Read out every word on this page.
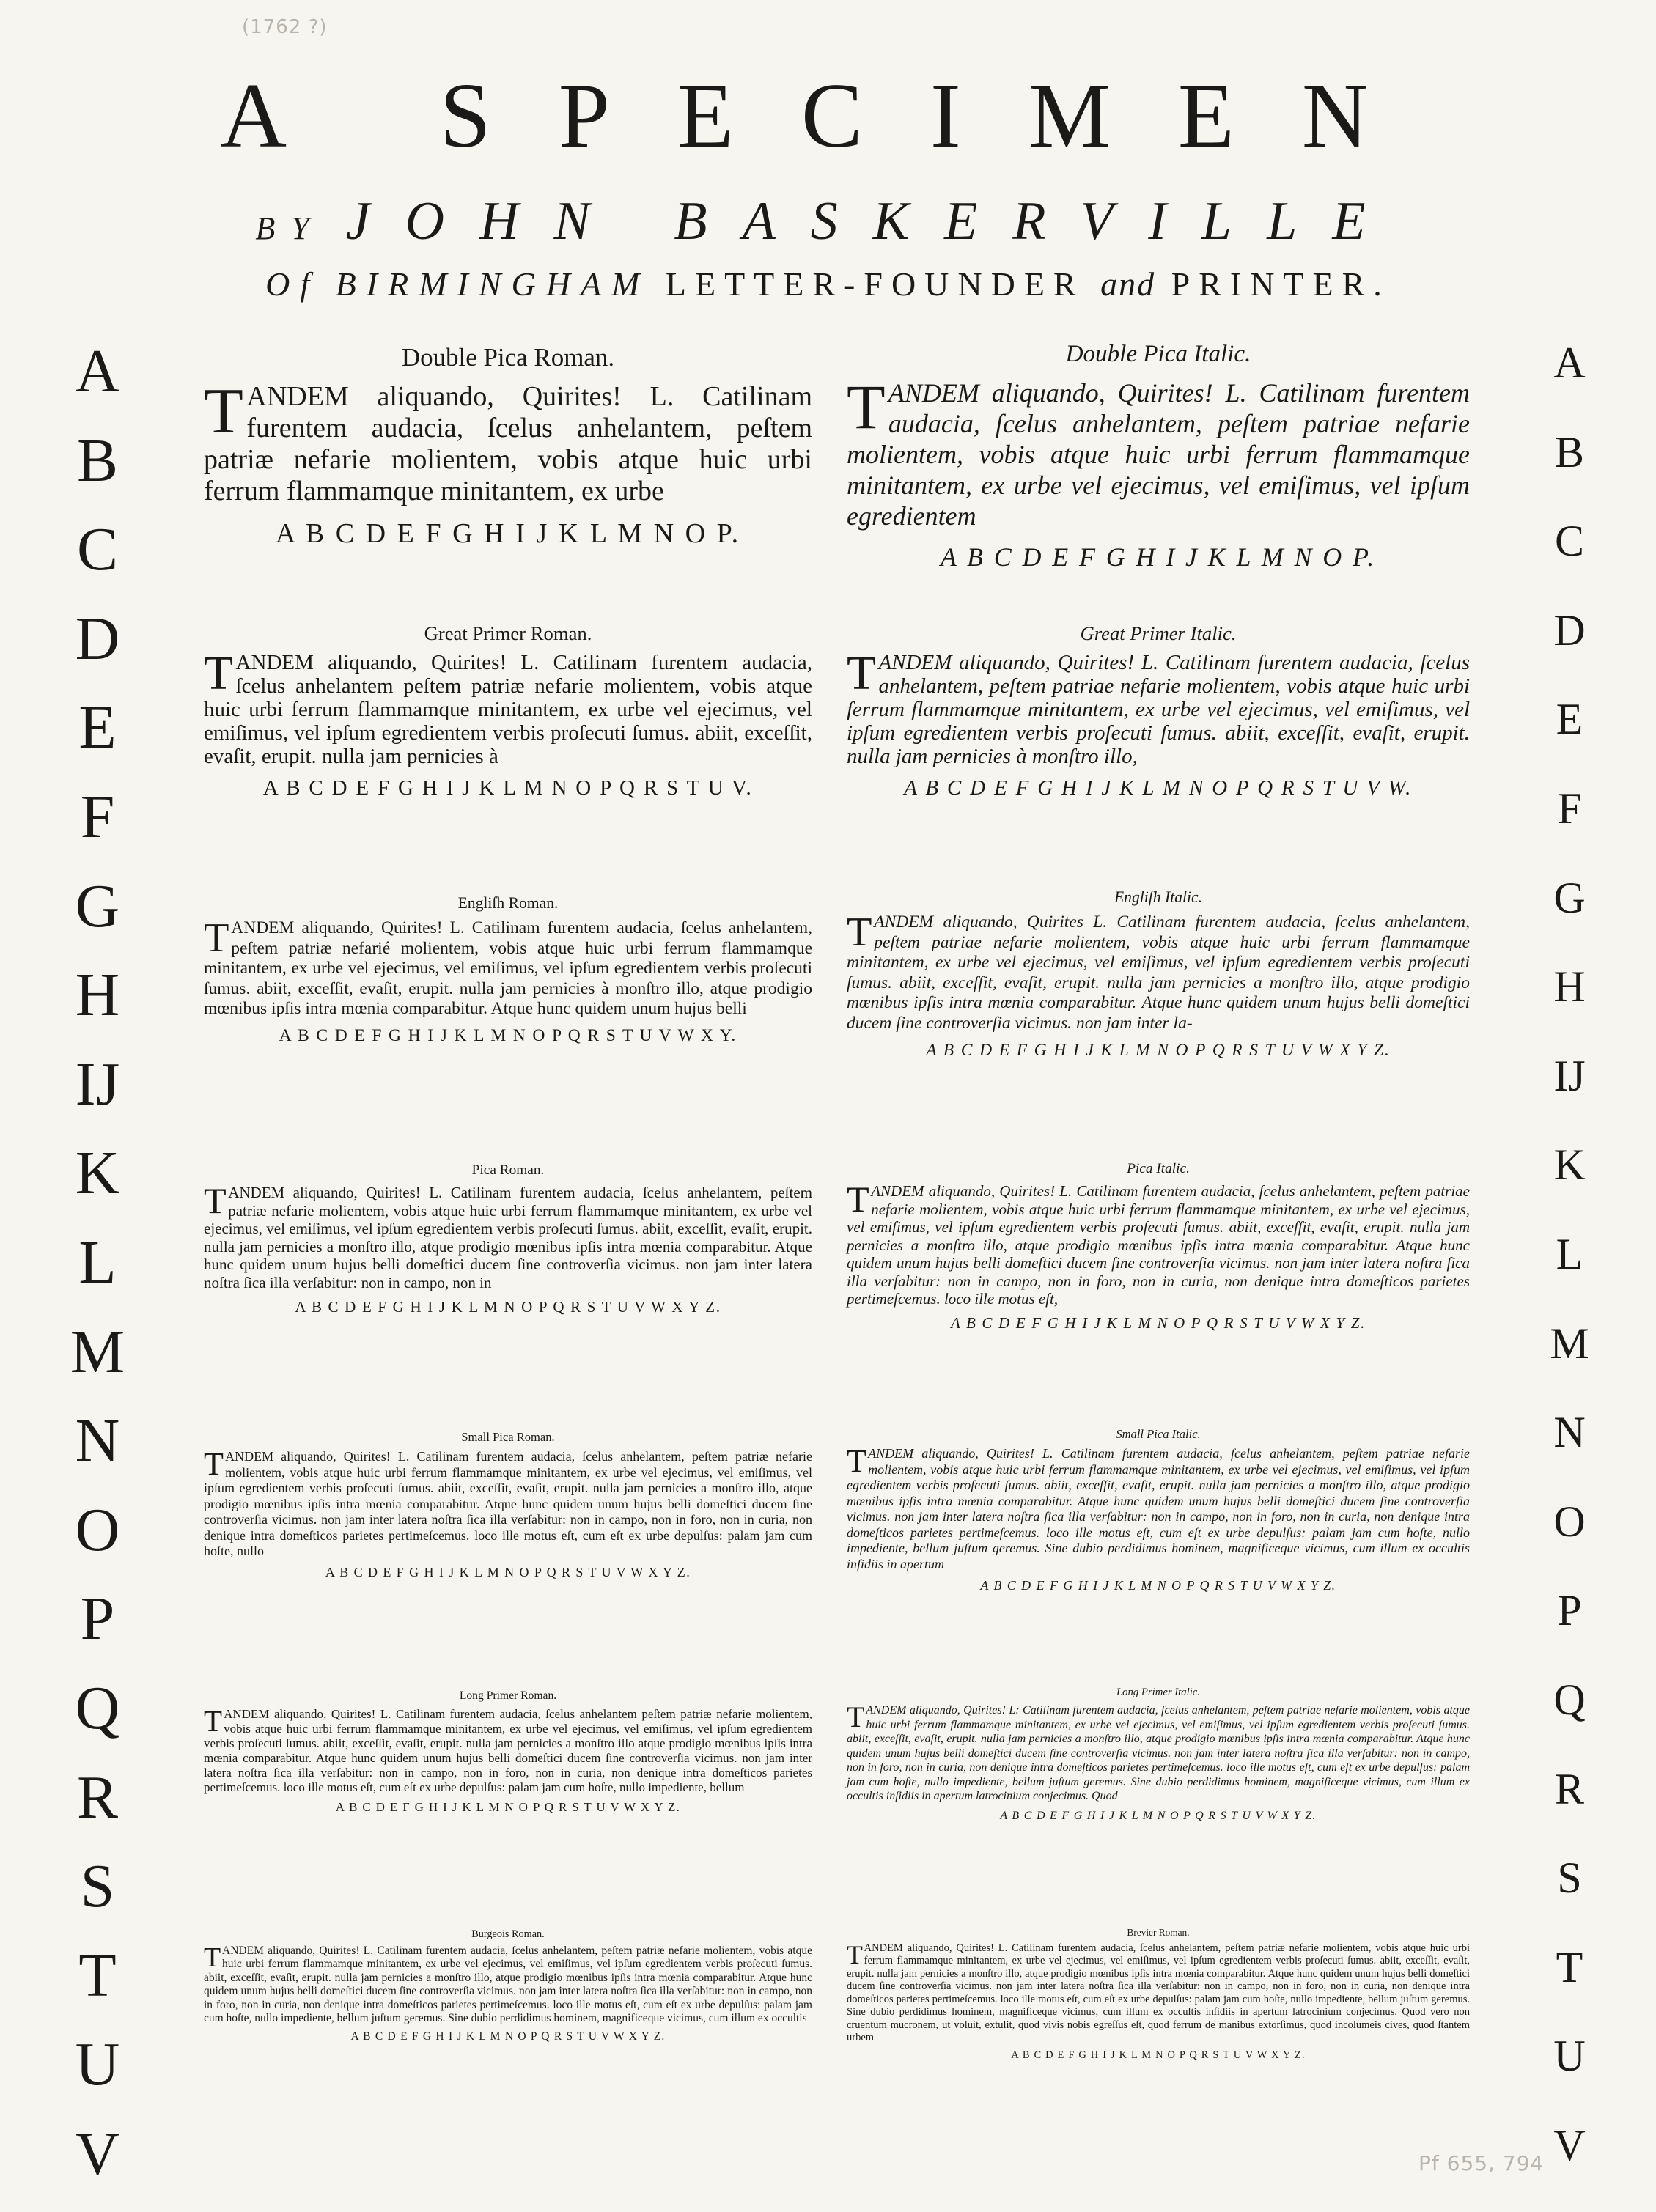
(1762 ?)
A SPECIMEN
BY JOHN BASKERVILLE
Of BIRMINGHAM LETTER-FOUNDER and PRINTER.
A
B
C
D
E
F
G
H
IJ
K
L
M
N
O
P
Q
R
S
T
U
V
A
B
C
D
E
F
G
H
IJ
K
L
M
N
O
P
Q
R
S
T
U
V
Double Pica Roman.
TANDEM aliquando, Quirites! L. Catilinam furentem audacia, ſcelus anhelantem, peſtem patriæ nefarie molientem, vobis atque huic urbi ferrum flammamque minitantem, ex urbe
A B C D E F G H I J K L M N O P.
Double Pica Italic.
TANDEM aliquando, Quirites! L. Catilinam furentem audacia, ſcelus anhelantem, peſtem patriae nefarie molientem, vobis atque huic urbi ferrum flammamque minitantem, ex urbe vel ejecimus, vel emiſimus, vel ipſum egredientem
A B C D E F G H I J K L M N O P.
Great Primer Roman.
TANDEM aliquando, Quirites! L. Catilinam furentem audacia, ſcelus anhelantem peſtem patriæ nefarie molientem, vobis atque huic urbi ferrum flammamque minitantem, ex urbe vel ejecimus, vel emiſimus, vel ipſum egredientem verbis proſecuti ſumus. abiit, exceſſit, evaſit, erupit. nulla jam pernicies à
A B C D E F G H I J K L M N O P Q R S T U V.
Great Primer Italic.
TANDEM aliquando, Quirites! L. Catilinam furentem audacia, ſcelus anhelantem, peſtem patriae nefarie molientem, vobis atque huic urbi ferrum flammamque minitantem, ex urbe vel ejecimus, vel emiſimus, vel ipſum egredientem verbis proſecuti ſumus. abiit, exceſſit, evaſit, erupit. nulla jam pernicies à monſtro illo,
A B C D E F G H I J K L M N O P Q R S T U V W.
Engliſh Roman.
TANDEM aliquando, Quirites! L. Catilinam furentem audacia, ſcelus anhelantem, peſtem patriæ nefarié molientem, vobis atque huic urbi ferrum flammamque minitantem, ex urbe vel ejecimus, vel emiſimus, vel ipſum egredientem verbis proſecuti ſumus. abiit, exceſſit, evaſit, erupit. nulla jam pernicies à monſtro illo, atque prodigio mœnibus ipſis intra mœnia comparabitur. Atque hunc quidem unum hujus belli
A B C D E F G H I J K L M N O P Q R S T U V W X Y.
Engliſh Italic.
TANDEM aliquando, Quirites L. Catilinam furentem audacia, ſcelus anhelantem, peſtem patriae nefarie molientem, vobis atque huic urbi ferrum flammamque minitantem, ex urbe vel ejecimus, vel emiſimus, vel ipſum egredientem verbis proſecuti ſumus. abiit, exceſſit, evaſit, erupit. nulla jam pernicies a monſtro illo, atque prodigio mœnibus ipſis intra mœnia comparabitur. Atque hunc quidem unum hujus belli domeſtici ducem ſine controverſia vicimus. non jam inter la-
A B C D E F G H I J K L M N O P Q R S T U V W X Y Z.
Pica Roman.
TANDEM aliquando, Quirites! L. Catilinam furentem audacia, ſcelus anhelantem, peſtem patriæ nefarie molientem, vobis atque huic urbi ferrum flammamque minitantem, ex urbe vel ejecimus, vel emiſimus, vel ipſum egredientem verbis proſecuti ſumus. abiit, exceſſit, evaſit, erupit. nulla jam pernicies a monſtro illo, atque prodigio mœnibus ipſis intra mœnia comparabitur. Atque hunc quidem unum hujus belli domeſtici ducem ſine controverſia vicimus. non jam inter latera noſtra ſica illa verſabitur: non in campo, non in
A B C D E F G H I J K L M N O P Q R S T U V W X Y Z.
Pica Italic.
TANDEM aliquando, Quirites! L. Catilinam furentem audacia, ſcelus anhelantem, peſtem patriae nefarie molientem, vobis atque huic urbi ferrum flammamque minitantem, ex urbe vel ejecimus, vel emiſimus, vel ipſum egredientem verbis proſecuti ſumus. abiit, exceſſit, evaſit, erupit. nulla jam pernicies a monſtro illo, atque prodigio mœnibus ipſis intra mœnia comparabitur. Atque hunc quidem unum hujus belli domeſtici ducem ſine controverſia vicimus. non jam inter latera noſtra ſica illa verſabitur: non in campo, non in foro, non in curia, non denique intra domeſticos parietes pertimeſcemus. loco ille motus eſt,
A B C D E F G H I J K L M N O P Q R S T U V W X Y Z.
Small Pica Roman.
TANDEM aliquando, Quirites! L. Catilinam furentem audacia, ſcelus anhelantem, peſtem patriæ nefarie molientem, vobis atque huic urbi ferrum flammamque minitantem, ex urbe vel ejecimus, vel emiſimus, vel ipſum egredientem verbis proſecuti ſumus. abiit, exceſſit, evaſit, erupit. nulla jam pernicies a monſtro illo, atque prodigio mœnibus ipſis intra mœnia comparabitur. Atque hunc quidem unum hujus belli domeſtici ducem ſine controverſia vicimus. non jam inter latera noſtra ſica illa verſabitur: non in campo, non in foro, non in curia, non denique intra domeſticos parietes pertimeſcemus. loco ille motus eſt, cum eſt ex urbe depulſus: palam jam cum hoſte, nullo
A B C D E F G H I J K L M N O P Q R S T U V W X Y Z.
Small Pica Italic.
TANDEM aliquando, Quirites! L. Catilinam furentem audacia, ſcelus anhelantem, peſtem patriae nefarie molientem, vobis atque huic urbi ferrum flammamque minitantem, ex urbe vel ejecimus, vel emiſimus, vel ipſum egredientem verbis proſecuti ſumus. abiit, exceſſit, evaſit, erupit. nulla jam pernicies a monſtro illo, atque prodigio mœnibus ipſis intra mœnia comparabitur. Atque hunc quidem unum hujus belli domeſtici ducem ſine controverſia vicimus. non jam inter latera noſtra ſica illa verſabitur: non in campo, non in foro, non in curia, non denique intra domeſticos parietes pertimeſcemus. loco ille motus eſt, cum eſt ex urbe depulſus: palam jam cum hoſte, nullo impediente, bellum juſtum geremus. Sine dubio perdidimus hominem, magnificeque vicimus, cum illum ex occultis inſidiis in apertum
A B C D E F G H I J K L M N O P Q R S T U V W X Y Z.
Long Primer Roman.
TANDEM aliquando, Quirites! L. Catilinam furentem audacia, ſcelus anhelantem peſtem patriæ nefarie molientem, vobis atque huic urbi ferrum flammamque minitantem, ex urbe vel ejecimus, vel emiſimus, vel ipſum egredientem verbis proſecuti ſumus. abiit, exceſſit, evaſit, erupit. nulla jam pernicies a monſtro illo atque prodigio mœnibus ipſis intra mœnia comparabitur. Atque hunc quidem unum hujus belli domeſtici ducem ſine controverſia vicimus. non jam inter latera noſtra ſica illa verſabitur: non in campo, non in foro, non in curia, non denique intra domeſticos parietes pertimeſcemus. loco ille motus eſt, cum eſt ex urbe depulſus: palam jam cum hoſte, nullo impediente, bellum
A B C D E F G H I J K L M N O P Q R S T U V W X Y Z.
Long Primer Italic.
TANDEM aliquando, Quirites! L: Catilinam furentem audacia, ſcelus anhelantem, peſtem patriae nefarie molientem, vobis atque huic urbi ferrum flammamque minitantem, ex urbe vel ejecimus, vel emiſimus, vel ipſum egredientem verbis proſecuti ſumus. abiit, exceſſit, evaſit, erupit. nulla jam pernicies a monſtro illo, atque prodigio mœnibus ipſis intra mœnia comparabitur. Atque hunc quidem unum hujus belli domeſtici ducem ſine controverſia vicimus. non jam inter latera noſtra ſica illa verſabitur: non in campo, non in foro, non in curia, non denique intra domeſticos parietes pertimeſcemus. loco ille motus eſt, cum eſt ex urbe depulſus: palam jam cum hoſte, nullo impediente, bellum juſtum geremus. Sine dubio perdidimus hominem, magnificeque vicimus, cum illum ex occultis inſidiis in apertum latrocinium conjecimus. Quod
A B C D E F G H I J K L M N O P Q R S T U V W X Y Z.
Burgeois Roman.
TANDEM aliquando, Quirites! L. Catilinam furentem audacia, ſcelus anhelantem, peſtem patriæ nefarie molientem, vobis atque huic urbi ferrum flammamque minitantem, ex urbe vel ejecimus, vel emiſimus, vel ipſum egredientem verbis proſecuti ſumus. abiit, exceſſit, evaſit, erupit. nulla jam pernicies a monſtro illo, atque prodigio mœnibus ipſis intra mœnia comparabitur. Atque hunc quidem unum hujus belli domeſtici ducem ſine controverſia vicimus. non jam inter latera noſtra ſica illa verſabitur: non in campo, non in foro, non in curia, non denique intra domeſticos parietes pertimeſcemus. loco ille motus eſt, cum eſt ex urbe depulſus: palam jam cum hoſte, nullo impediente, bellum juſtum geremus. Sine dubio perdidimus hominem, magnificeque vicimus, cum illum ex occultis
A B C D E F G H I J K L M N O P Q R S T U V W X Y Z.
Brevier Roman.
TANDEM aliquando, Quirites! L. Catilinam furentem audacia, ſcelus anhelantem, peſtem patriæ nefarie molientem, vobis atque huic urbi ferrum flammamque minitantem, ex urbe vel ejecimus, vel emiſimus, vel ipſum egredientem verbis proſecuti ſumus. abiit, exceſſit, evaſit, erupit. nulla jam pernicies a monſtro illo, atque prodigio mœnibus ipſis intra mœnia comparabitur. Atque hunc quidem unum hujus belli domeſtici ducem ſine controverſia vicimus. non jam inter latera noſtra ſica illa verſabitur: non in campo, non in foro, non in curia, non denique intra domeſticos parietes pertimeſcemus. loco ille motus eſt, cum eſt ex urbe depulſus: palam jam cum hoſte, nullo impediente, bellum juſtum geremus. Sine dubio perdidimus hominem, magnificeque vicimus, cum illum ex occultis inſidiis in apertum latrocinium conjecimus. Quod vero non cruentum mucronem, ut voluit, extulit, quod vivis nobis egreſſus eſt, quod ferrum de manibus extorſimus, quod incolumeis cives, quod ſtantem urbem
A B C D E F G H I J K L M N O P Q R S T U V W X Y Z.
Pf 655, 794
